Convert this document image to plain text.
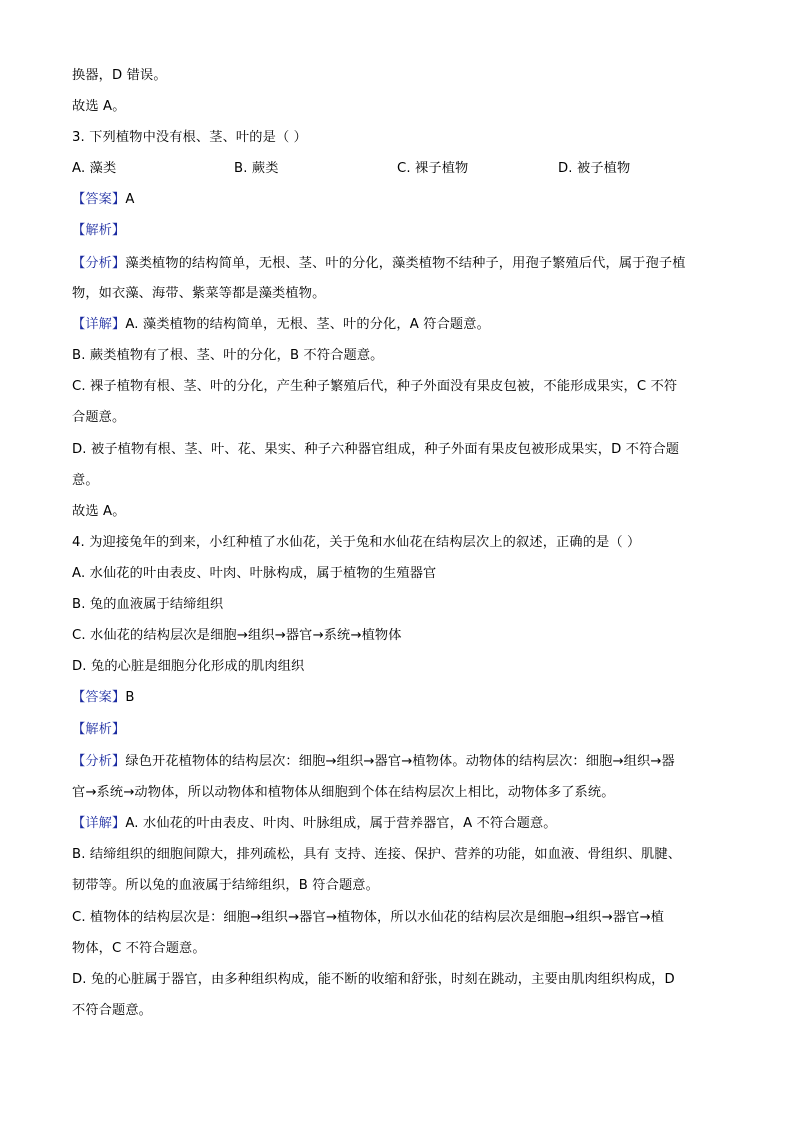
换器，D 错误。
故选 A。
3. 下列植物中没有根、茎、叶的是（ ）
A. 藻类	B. 蕨类	C. 裸子植物	D. 被子植物
【答案】A
【解析】
【分析】藻类植物的结构简单，无根、茎、叶的分化，藻类植物不结种子，用孢子繁殖后代，属于孢子植
物，如衣藻、海带、紫菜等都是藻类植物。
【详解】A. 藻类植物的结构简单，无根、茎、叶的分化，A 符合题意。
B. 蕨类植物有了根、茎、叶的分化，B 不符合题意。
C. 裸子植物有根、茎、叶的分化，产生种子繁殖后代，种子外面没有果皮包被，不能形成果实，C 不符
合题意。
D. 被子植物有根、茎、叶、花、果实、种子六种器官组成，种子外面有果皮包被形成果实，D 不符合题
意。
故选 A。
4. 为迎接兔年的到来，小红种植了水仙花，关于兔和水仙花在结构层次上的叙述，正确的是（ ）
A. 水仙花的叶由表皮、叶肉、叶脉构成，属于植物的生殖器官
B. 兔的血液属于结缔组织
C. 水仙花的结构层次是细胞→组织→器官→系统→植物体
D. 兔的心脏是细胞分化形成的肌肉组织
【答案】B
【解析】
【分析】绿色开花植物体的结构层次：细胞→组织→器官→植物体。动物体的结构层次：细胞→组织→器
官→系统→动物体，所以动物体和植物体从细胞到个体在结构层次上相比，动物体多了系统。
【详解】A. 水仙花的叶由表皮、叶肉、叶脉组成，属于营养器官，A 不符合题意。
B. 结缔组织的细胞间隙大，排列疏松，具有 支持、连接、保护、营养的功能，如血液、骨组织、肌腱、
韧带等。所以兔的血液属于结缔组织，B 符合题意。
C. 植物体的结构层次是：细胞→组织→器官→植物体，所以水仙花的结构层次是细胞→组织→器官→植
物体，C 不符合题意。
D. 兔的心脏属于器官，由多种组织构成，能不断的收缩和舒张，时刻在跳动，主要由肌肉组织构成，D
不符合题意。
